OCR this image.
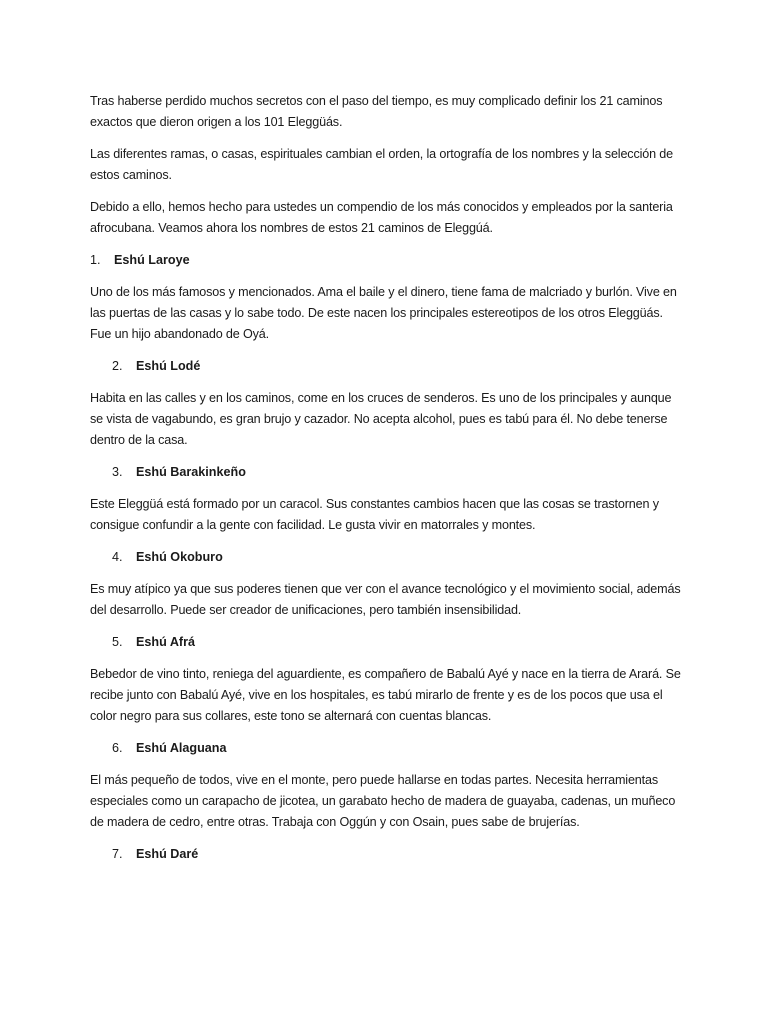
Tras haberse perdido muchos secretos con el paso del tiempo, es muy complicado definir los 21 caminos exactos que dieron origen a los 101 Eleggüás.

Las diferentes ramas, o casas, espirituales cambian el orden, la ortografía de los nombres y la selección de estos caminos.

Debido a ello, hemos hecho para ustedes un compendio de los más conocidos y empleados por la santeria afrocubana. Veamos ahora los nombres de estos 21 caminos de Eleggúá.

1.	Eshú Laroye

Uno de los más famosos y mencionados. Ama el baile y el dinero, tiene fama de malcriado y burlón. Vive en las puertas de las casas y lo sabe todo. De este nacen los principales estereotipos de los otros Eleggüás. Fue un hijo abandonado de Oyá.

2.	Eshú Lodé

Habita en las calles y en los caminos, come en los cruces de senderos. Es uno de los principales y aunque se vista de vagabundo, es gran brujo y cazador. No acepta alcohol, pues es tabú para él. No debe tenerse dentro de la casa.

3.	Eshú Barakinkeño

Este Eleggüá está formado por un caracol. Sus constantes cambios hacen que las cosas se trastornen y consigue confundir a la gente con facilidad. Le gusta vivir en matorrales y montes.

4.	Eshú Okoburo

Es muy atípico ya que sus poderes tienen que ver con el avance tecnológico y el movimiento social, además del desarrollo. Puede ser creador de unificaciones, pero también insensibilidad.

5.	Eshú Afrá

Bebedor de vino tinto, reniega del aguardiente, es compañero de Babalú Ayé y nace en la tierra de Arará. Se recibe junto con Babalú Ayé, vive en los hospitales, es tabú mirarlo de frente y es de los pocos que usa el color negro para sus collares, este tono se alternará con cuentas blancas.

6.	Eshú Alaguana

El más pequeño de todos, vive en el monte, pero puede hallarse en todas partes. Necesita herramientas especiales como un carapacho de jicotea, un garabato hecho de madera de guayaba, cadenas, un muñeco de madera de cedro, entre otras. Trabaja con Oggún y con Osain, pues sabe de brujerías.

7.	Eshú Daré
